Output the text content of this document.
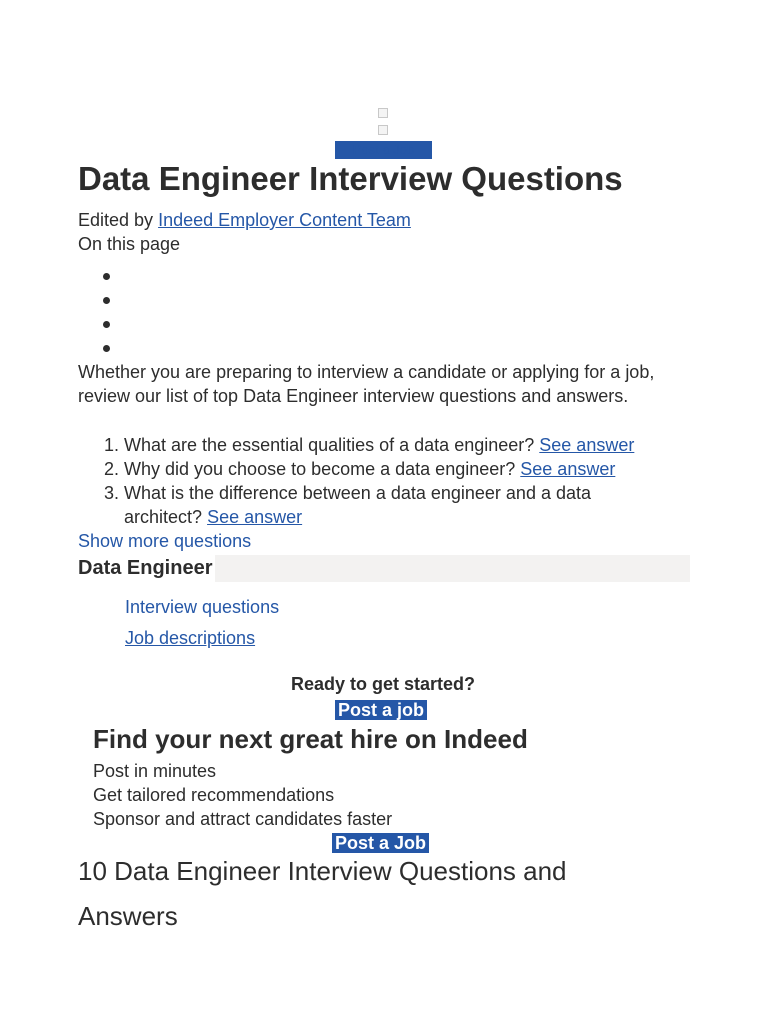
Post a Job
Data Engineer Interview Questions
Edited by Indeed Employer Content Team
On this page
Whether you are preparing to interview a candidate or applying for a job, review our list of top Data Engineer interview questions and answers.
1. What are the essential qualities of a data engineer? See answer
2. Why did you choose to become a data engineer? See answer
3. What is the difference between a data engineer and a data architect? See answer
Show more questions
Data Engineer
Interview questions
Job descriptions
Ready to get started?
Post a job
Find your next great hire on Indeed
Post in minutes
Get tailored recommendations
Sponsor and attract candidates faster
Post a Job
10 Data Engineer Interview Questions and Answers
